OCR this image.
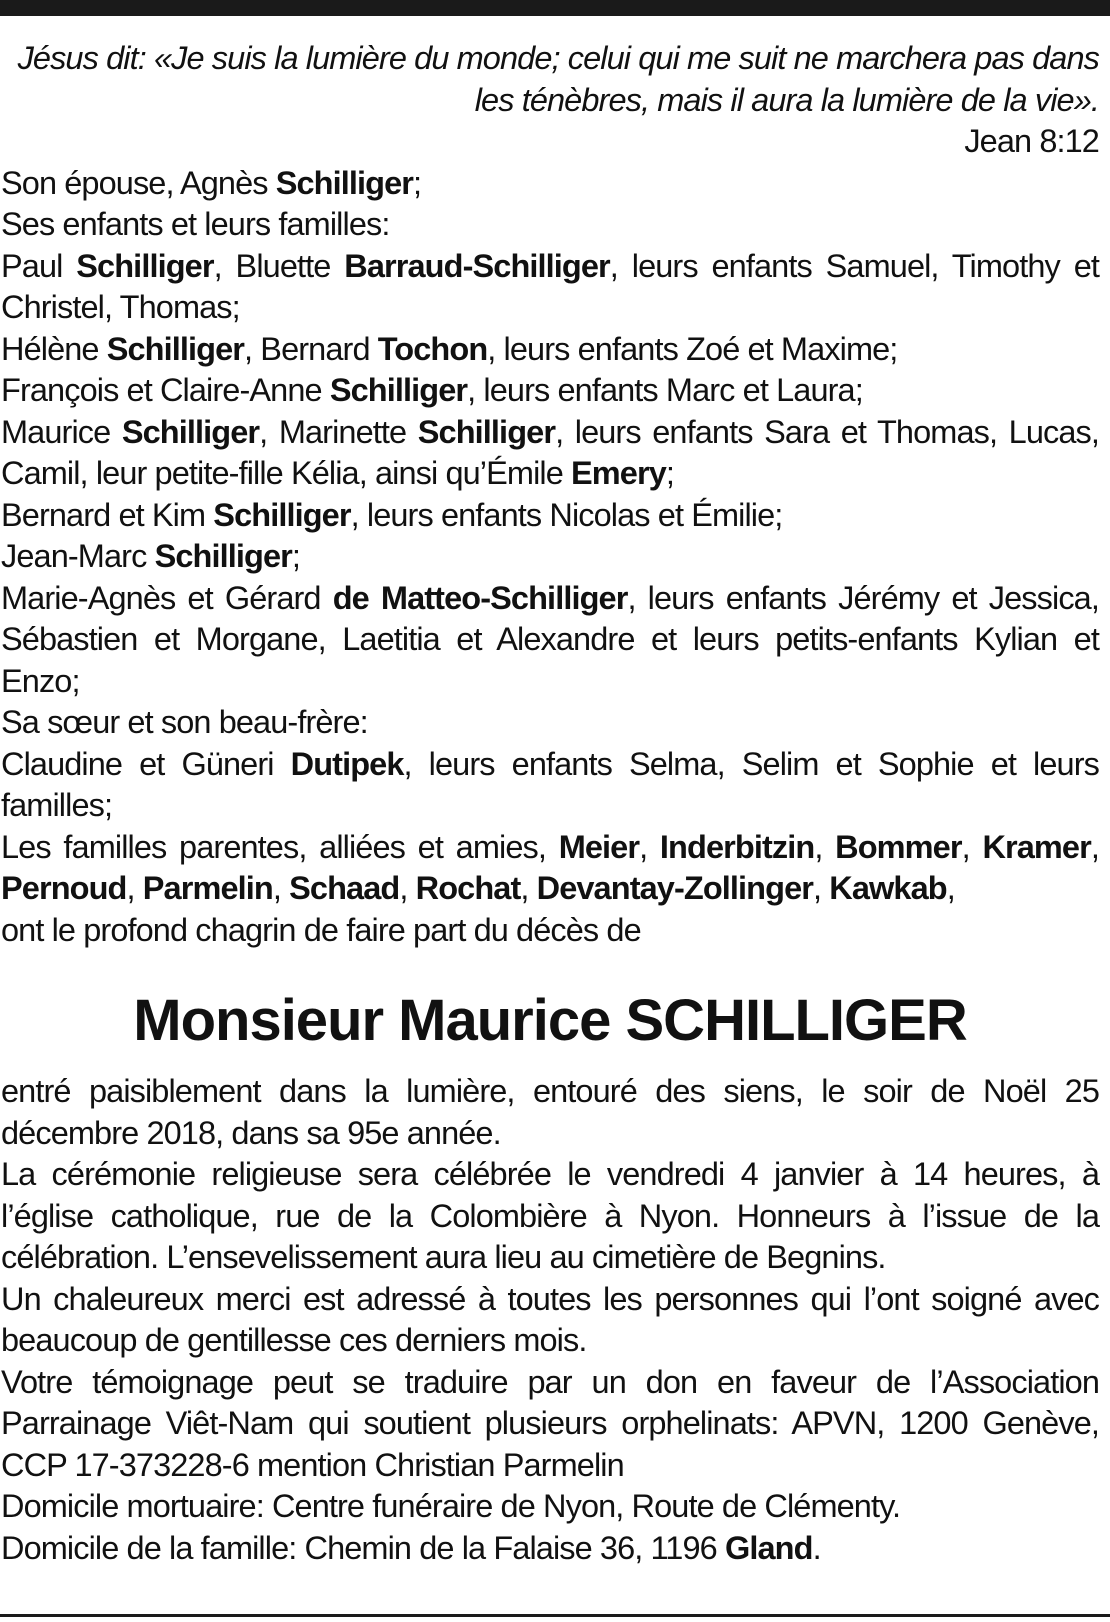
Jésus dit: «Je suis la lumière du monde; celui qui me suit ne marchera pas dans les ténèbres, mais il aura la lumière de la vie».
Jean 8:12

Son épouse, Agnès Schilliger;

Ses enfants et leurs familles:

Paul Schilliger, Bluette Barraud-Schilliger, leurs enfants Samuel, Timothy et Christel, Thomas;

Hélène Schilliger, Bernard Tochon, leurs enfants Zoé et Maxime;

François et Claire-Anne Schilliger, leurs enfants Marc et Laura;

Maurice Schilliger, Marinette Schilliger, leurs enfants Sara et Thomas, Lucas, Camil, leur petite-fille Kélia, ainsi qu’Émile Emery;

Bernard et Kim Schilliger, leurs enfants Nicolas et Émilie;

Jean-Marc Schilliger;

Marie-Agnès et Gérard de Matteo-Schilliger, leurs enfants Jérémy et Jessica, Sébastien et Morgane, Laetitia et Alexandre et leurs petits-enfants Kylian et Enzo;

Sa sœur et son beau-frère:

Claudine et Güneri Dutipek, leurs enfants Selma, Selim et Sophie et leurs familles;

Les familles parentes, alliées et amies, Meier, Inderbitzin, Bommer, Kramer, Pernoud, Parmelin, Schaad, Rochat, Devantay-Zollinger, Kawkab,

ont le profond chagrin de faire part du décès de

Monsieur Maurice SCHILLIGER

entré paisiblement dans la lumière, entouré des siens, le soir de Noël 25 décembre 2018, dans sa 95e année.

La cérémonie religieuse sera célébrée le vendredi 4 janvier à 14 heures, à l’église catholique, rue de la Colombière à Nyon. Honneurs à l’issue de la célébration. L’ensevelissement aura lieu au cimetière de Begnins.

Un chaleureux merci est adressé à toutes les personnes qui l’ont soigné avec beaucoup de gentillesse ces derniers mois.

Votre témoignage peut se traduire par un don en faveur de l’Association Parrainage Viêt-Nam qui soutient plusieurs orphelinats: APVN, 1200 Genève, CCP 17-373228-6 mention Christian Parmelin

Domicile mortuaire: Centre funéraire de Nyon, Route de Clémenty.

Domicile de la famille: Chemin de la Falaise 36, 1196 Gland.
